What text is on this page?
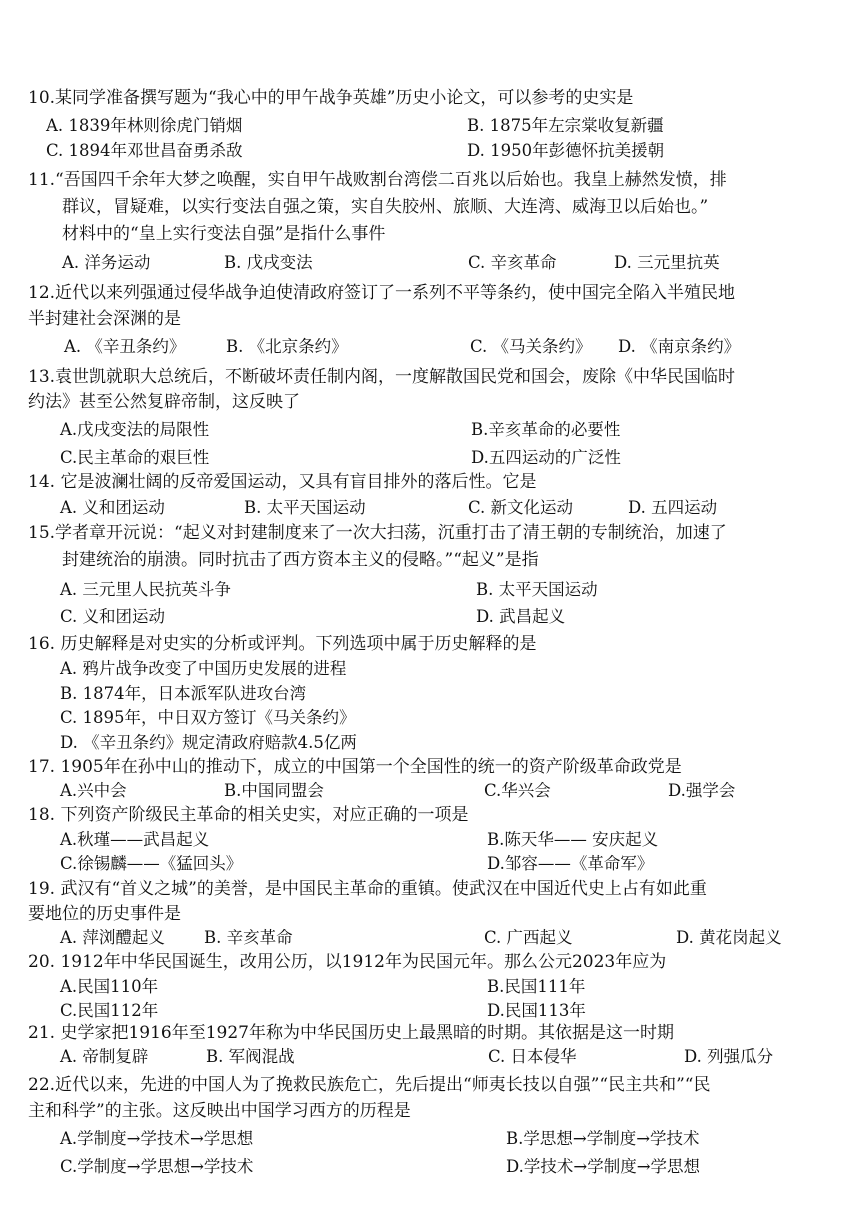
10.某同学准备撰写题为“我心中的甲午战争英雄”历史小论文，可以参考的史实是
A. 1839年林则徐虎门销烟	B. 1875年左宗棠收复新疆
C. 1894年邓世昌奋勇杀敌	D. 1950年彭德怀抗美援朝
11.“吾国四千余年大梦之唤醒，实自甲午战败割台湾偿二百兆以后始也。我皇上赫然发愤，排
群议，冒疑难，以实行变法自强之策，实自失胶州、旅顺、大连湾、威海卫以后始也。”
材料中的“皇上实行变法自强”是指什么事件
A. 洋务运动	B. 戊戌变法	C. 辛亥革命	D. 三元里抗英
12.近代以来列强通过侵华战争迫使清政府签订了一系列不平等条约，使中国完全陷入半殖民地
半封建社会深渊的是
A. 《辛丑条约》 B. 《北京条约》	C. 《马关条约》 D. 《南京条约》
13.袁世凯就职大总统后，不断破坏责任制内阁，一度解散国民党和国会，废除《中华民国临时
约法》甚至公然复辟帝制，这反映了
A.戊戌变法的局限性	B.辛亥革命的必要性
C.民主革命的艰巨性	D.五四运动的广泛性
14. 它是波澜壮阔的反帝爱国运动，又具有盲目排外的落后性。它是
A. 义和团运动	B. 太平天国运动	C. 新文化运动	D. 五四运动
15.学者章开沅说：“起义对封建制度来了一次大扫荡，沉重打击了清王朝的专制统治，加速了
封建统治的崩溃。同时抗击了西方资本主义的侵略。”“起义”是指
A. 三元里人民抗英斗争	B. 太平天国运动
C. 义和团运动	D. 武昌起义
16. 历史解释是对史实的分析或评判。下列选项中属于历史解释的是
A. 鸦片战争改变了中国历史发展的进程
B. 1874年，日本派军队进攻台湾
C. 1895年，中日双方签订《马关条约》
D. 《辛丑条约》规定清政府赔款4.5亿两
17. 1905年在孙中山的推动下，成立的中国第一个全国性的统一的资产阶级革命政党是
A.兴中会	B.中国同盟会	C.华兴会	D.强学会
18. 下列资产阶级民主革命的相关史实，对应正确的一项是
A.秋瑾——武昌起义	B.陈天华—— 安庆起义
C.徐锡麟——《猛回头》	D.邹容——《革命军》
19. 武汉有“首义之城”的美誉，是中国民主革命的重镇。使武汉在中国近代史上占有如此重
要地位的历史事件是
A. 萍浏醴起义 B. 辛亥革命	C. 广西起义	D. 黄花岗起义
20. 1912年中华民国诞生，改用公历，以1912年为民国元年。那么公元2023年应为
A.民国110年	B.民国111年
C.民国112年	D.民国113年
21. 史学家把1916年至1927年称为中华民国历史上最黑暗的时期。其依据是这一时期
A. 帝制复辟	B. 军阀混战	C. 日本侵华	D. 列强瓜分
22.近代以来，先进的中国人为了挽救民族危亡，先后提出“师夷长技以自强”“民主共和”“民
主和科学”的主张。这反映出中国学习西方的历程是
A.学制度→学技术→学思想	B.学思想→学制度→学技术
C.学制度→学思想→学技术	D.学技术→学制度→学思想
